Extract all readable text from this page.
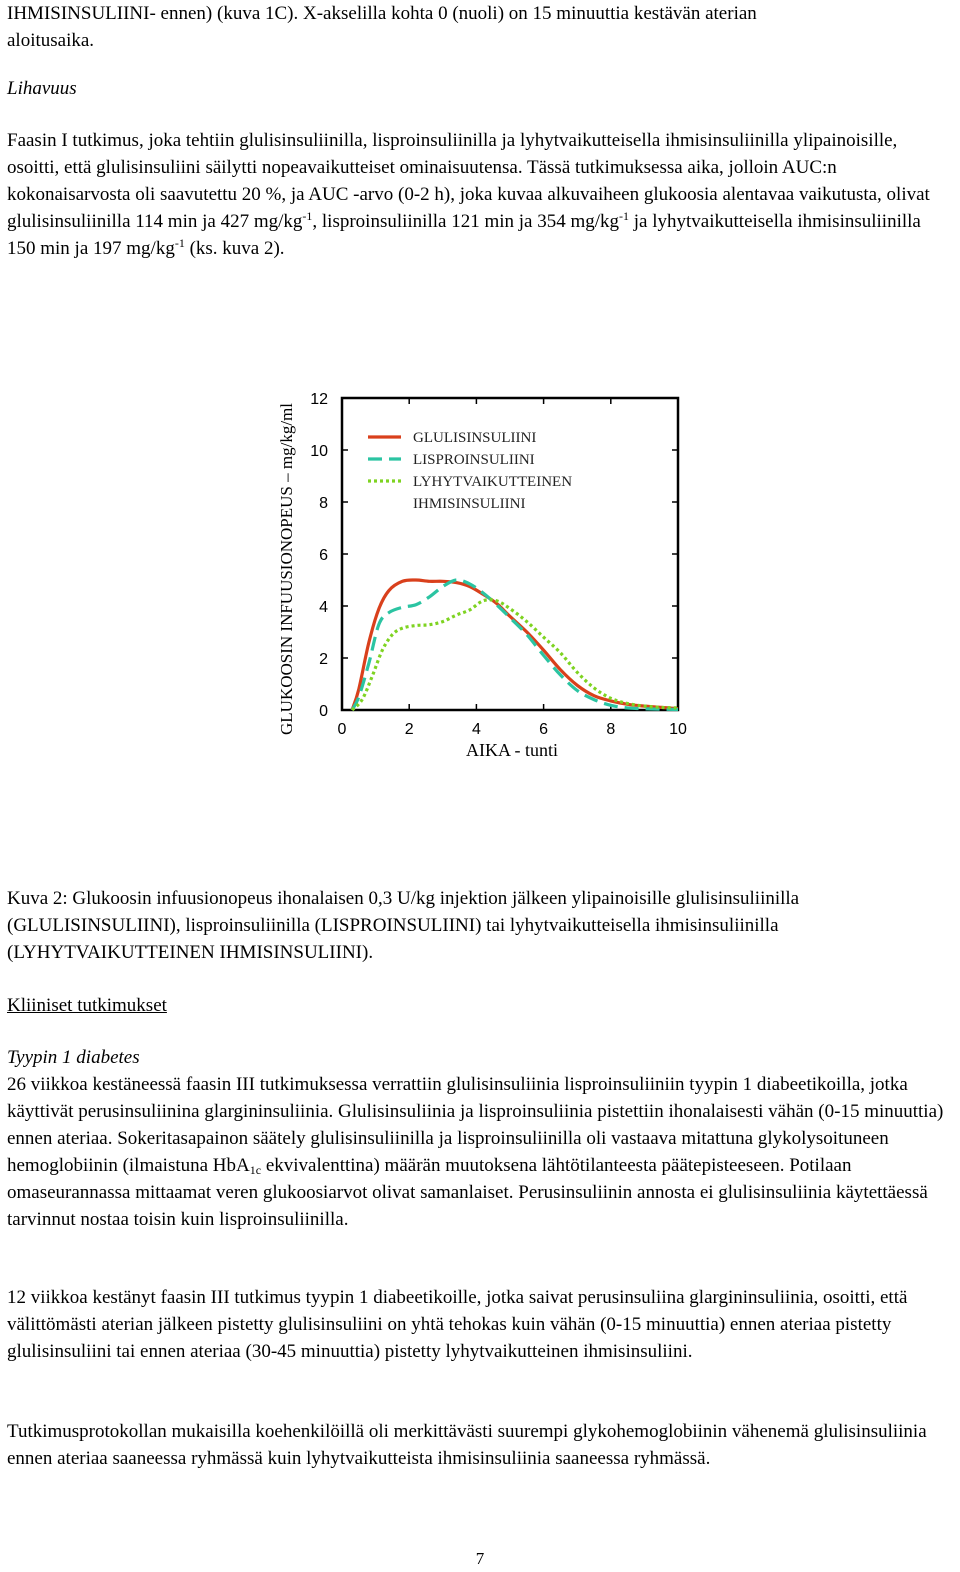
IHMISINSULIINI- ennen) (kuva 1C). X-akselilla kohta 0 (nuoli) on 15 minuuttia kestävän aterian

aloitusaika.

Lihavuus

Faasin I tutkimus, joka tehtiin glulisinsuliinilla, lisproinsuliinilla ja lyhytvaikutteisella ihmisinsuliinilla ylipainoisille, osoitti, että glulisinsuliini säilytti nopeavaikutteiset ominaisuutensa. Tässä tutkimuksessa aika, jolloin AUC:n kokonaisarvosta oli saavutettu 20 %, ja AUC -arvo (0-2 h), joka kuvaa alkuvaiheen glukoosia alentavaa vaikutusta, olivat glulisinsuliinilla 114 min ja 427 $mg/kg^{-1}$, lisproinsuliinilla 121 min ja 354 $mg/kg^{-1}$ ja lyhytvaikutteisella ihmisinsuliinilla 150 min ja 197 $mg/kg^{-1}$ (ks. kuva 2).

Kuva 2: Glukoosin infuusionopeus ihonalaisen 0,3 U/kg injektion jälkeen ylipainoisille glulisinsuliinilla (GLULISINSULIINI), lisproinsuliinilla (LISPROINSULIINI) tai lyhytvaikutteisella ihmisinsuliinilla (LYHYTVAIKUTTEINEN IHMISINSULIINI).

Kliiniset tutkimukset

Tyypin 1 diabetes

26 viikkoa kestäneessä faasin III tutkimuksessa verrattiin glulisinsuliinia lisproinsuliiniin tyypin 1 diabeetikoilla, jotka käyttivät perusinsuliinina glargininsuliinia. Glulisinsuliinia ja lisproinsuliinia pistettiin ihonalaisesti vähän (0-15 minuuttia) ennen ateriaa. Sokeritasapainon säätely glulisinsuliinilla ja lisproinsuliinilla oli vastaava mitattuna glykolysoituneen hemoglobiinin (ilmaistuna HbA$_{1c}$ ekvivalenttina) määrän muutoksena lähtötilanteesta päätepisteeseen. Potilaan omaseurannassa mittaamat veren glukoosiarvot olivat samanlaiset. Perusinsuliinin annosta ei glulisinsuliinia käytettäessä tarvinnut nostaa toisin kuin lisproinsuliinilla.

12 viikkoa kestänyt faasin III tutkimus tyypin 1 diabeetikoille, jotka saivat perusinsuliina glargininsuliinia, osoitti, että välittömästi aterian jälkeen pistetty glulisinsuliini on yhtä tehokas kuin vähän (0-15 minuuttia) ennen ateriaa pistetty glulisinsuliini tai ennen ateriaa (30-45 minuuttia) pistetty lyhytvaikutteinen ihmisinsuliini.

Tutkimusprotokollan mukaisilla koehenkilöillä oli merkittävästi suurempi glykohemoglobiinin vähenemä glulisinsuliinia ennen ateriaa saaneessa ryhmässä kuin lyhytvaikutteista ihmisinsuliinia saaneessa ryhmässä.

0	2	4	6	8	10
0
2
4
6
8
10
12
AIKA - tunti
GLUKOOSIN INFUUSIONOPEUS – mg/kg/ml	GLULISINSULIINI
LISPROINSULIINI
LYHYTVAIKUTTEINEN
IHMISINSULIINI
7
